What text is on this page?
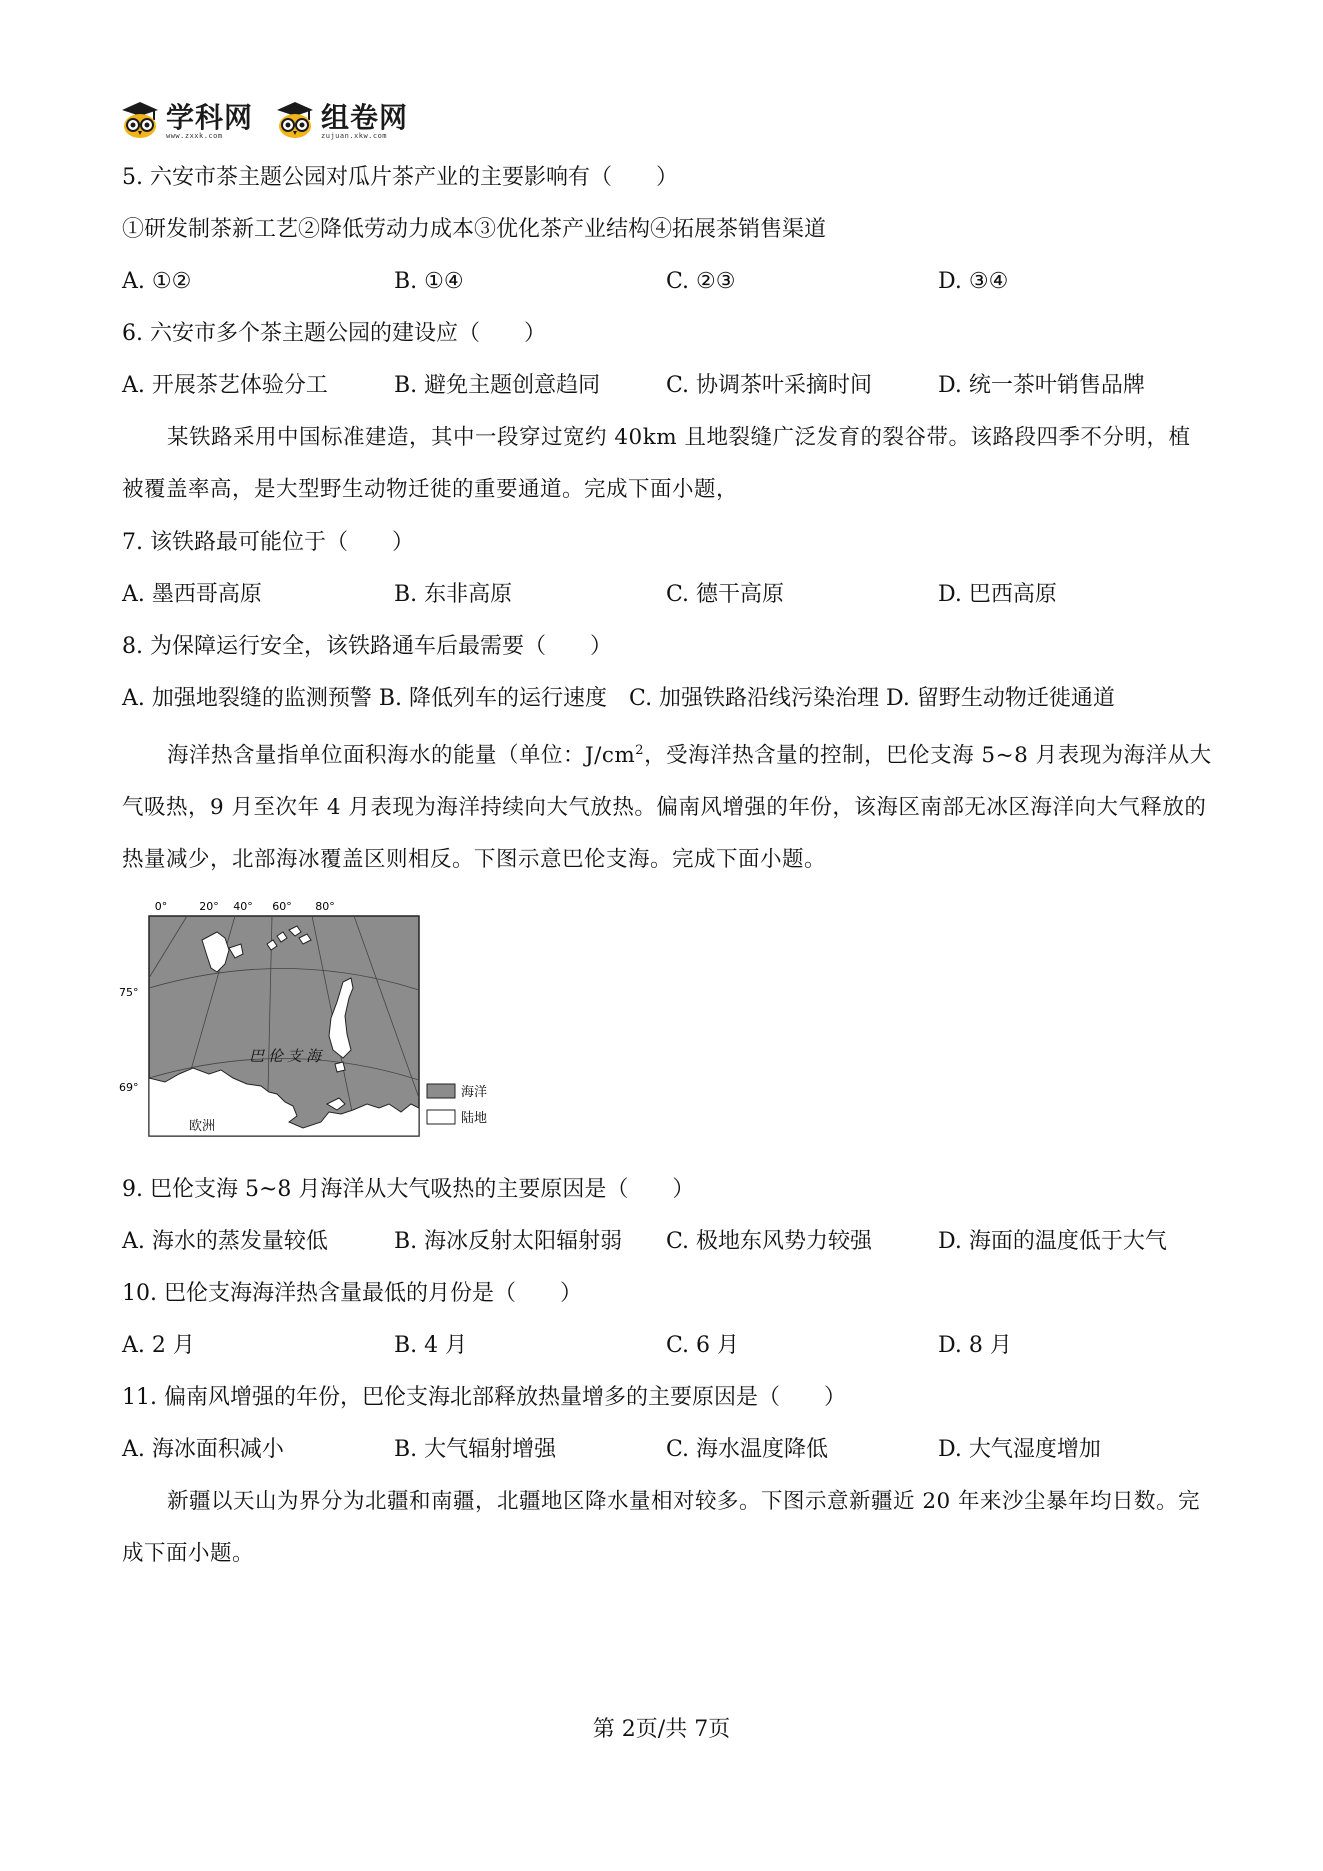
学科网
www.zxxk.com
组卷网
zujuan.xkw.com
5. 六安市茶主题公园对瓜片茶产业的主要影响有（　　）
①研发制茶新工艺②降低劳动力成本③优化茶产业结构④拓展茶销售渠道
A. ①②	B. ①④	C. ②③	D. ③④
6. 六安市多个茶主题公园的建设应（　　）
A. 开展茶艺体验分工	B. 避免主题创意趋同	C. 协调茶叶采摘时间	D. 统一茶叶销售品牌
某铁路采用中国标准建造，其中一段穿过宽约 40km 且地裂缝广泛发育的裂谷带。该路段四季不分明，植被覆盖率高，是大型野生动物迁徙的重要通道。完成下面小题，
7. 该铁路最可能位于（　　）
A. 墨西哥高原	B. 东非高原	C. 德干高原	D. 巴西高原
8. 为保障运行安全，该铁路通车后最需要（　　）
A. 加强地裂缝的监测预警 B. 降低列车的运行速度　C. 加强铁路沿线污染治理 D. 留野生动物迁徙通道
海洋热含量指单位面积海水的能量（单位：$J/cm^2$，受海洋热含量的控制，巴伦支海 5~8 月表现为海洋从大气吸热，9 月至次年 4 月表现为海洋持续向大气放热。偏南风增强的年份，该海区南部无冰区海洋向大气释放的热量减少，北部海冰覆盖区则相反。下图示意巴伦支海。完成下面小题。
0°	20° 40° 60° 80°
75°
69°
巴伦支海
欧洲
海洋
陆地
9. 巴伦支海 5~8 月海洋从大气吸热的主要原因是（　　）
A. 海水的蒸发量较低	B. 海冰反射太阳辐射弱 C. 极地东风势力较强	D. 海面的温度低于大气
10. 巴伦支海海洋热含量最低的月份是（　　）
A. 2 月	B. 4 月	C. 6 月	D. 8 月
11. 偏南风增强的年份，巴伦支海北部释放热量增多的主要原因是（　　）
A. 海冰面积减小	B. 大气辐射增强	C. 海水温度降低	D. 大气湿度增加
新疆以天山为界分为北疆和南疆，北疆地区降水量相对较多。下图示意新疆近 20 年来沙尘暴年均日数。完成下面小题。
第 2页/共 7页
